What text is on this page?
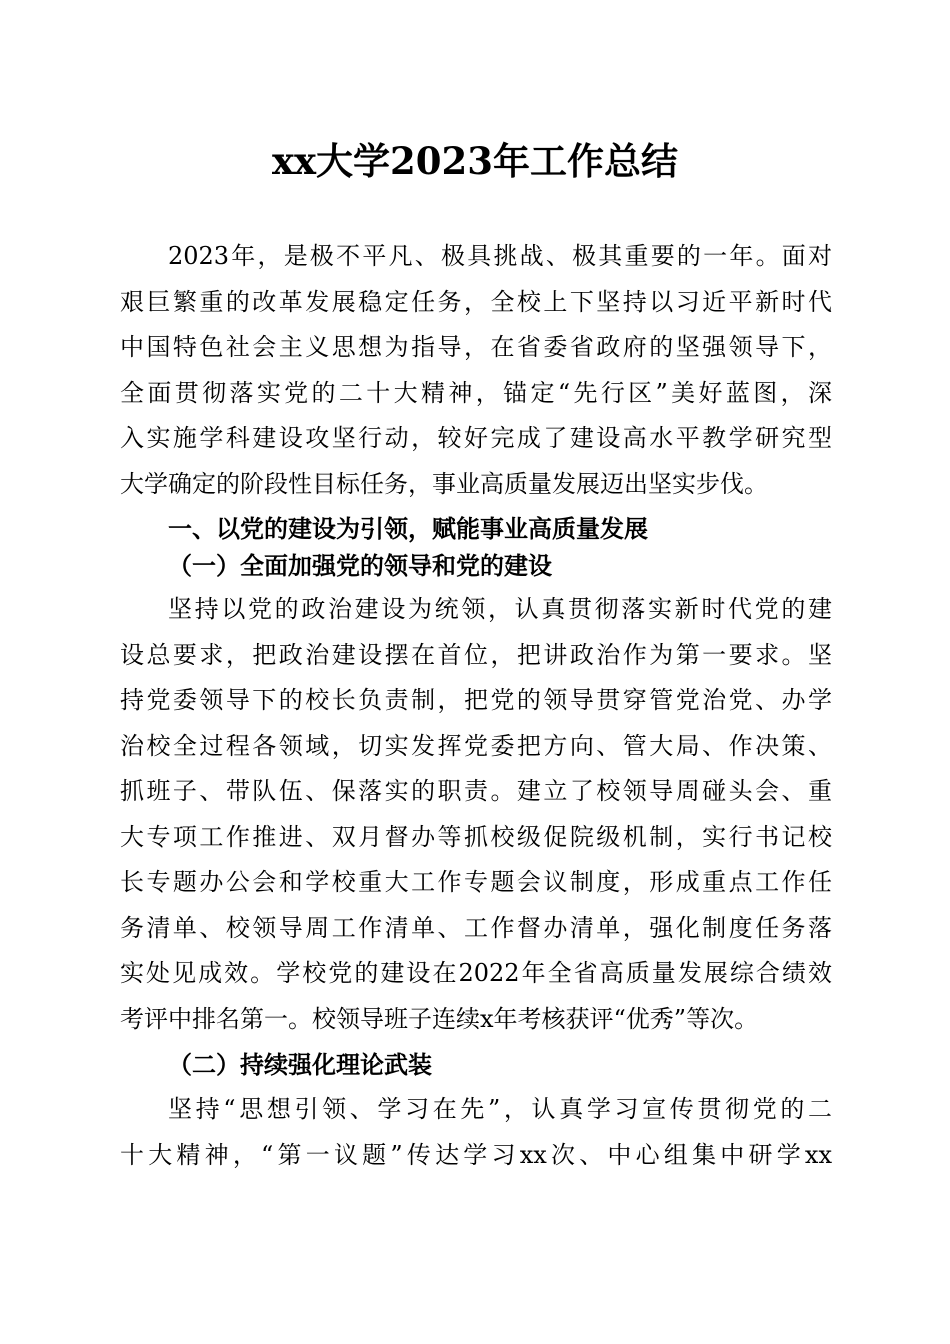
xx大学2023年工作总结
2023年，是极不平凡、极具挑战、极其重要的一年。面对
艰巨繁重的改革发展稳定任务，全校上下坚持以习近平新时代
中国特色社会主义思想为指导，在省委省政府的坚强领导下，
全面贯彻落实党的二十大精神，锚定“先行区”美好蓝图，深
入实施学科建设攻坚行动，较好完成了建设高水平教学研究型
大学确定的阶段性目标任务，事业高质量发展迈出坚实步伐。
一、以党的建设为引领，赋能事业高质量发展
（一）全面加强党的领导和党的建设
坚持以党的政治建设为统领，认真贯彻落实新时代党的建
设总要求，把政治建设摆在首位，把讲政治作为第一要求。坚
持党委领导下的校长负责制，把党的领导贯穿管党治党、办学
治校全过程各领域，切实发挥党委把方向、管大局、作决策、
抓班子、带队伍、保落实的职责。建立了校领导周碰头会、重
大专项工作推进、双月督办等抓校级促院级机制，实行书记校
长专题办公会和学校重大工作专题会议制度，形成重点工作任
务清单、校领导周工作清单、工作督办清单，强化制度任务落
实处见成效。学校党的建设在2022年全省高质量发展综合绩效
考评中排名第一。校领导班子连续x年考核获评“优秀”等次。
（二）持续强化理论武装
坚持“思想引领、学习在先”，认真学习宣传贯彻党的二
十大精神，“第一议题”传达学习xx次、中心组集中研学xx
